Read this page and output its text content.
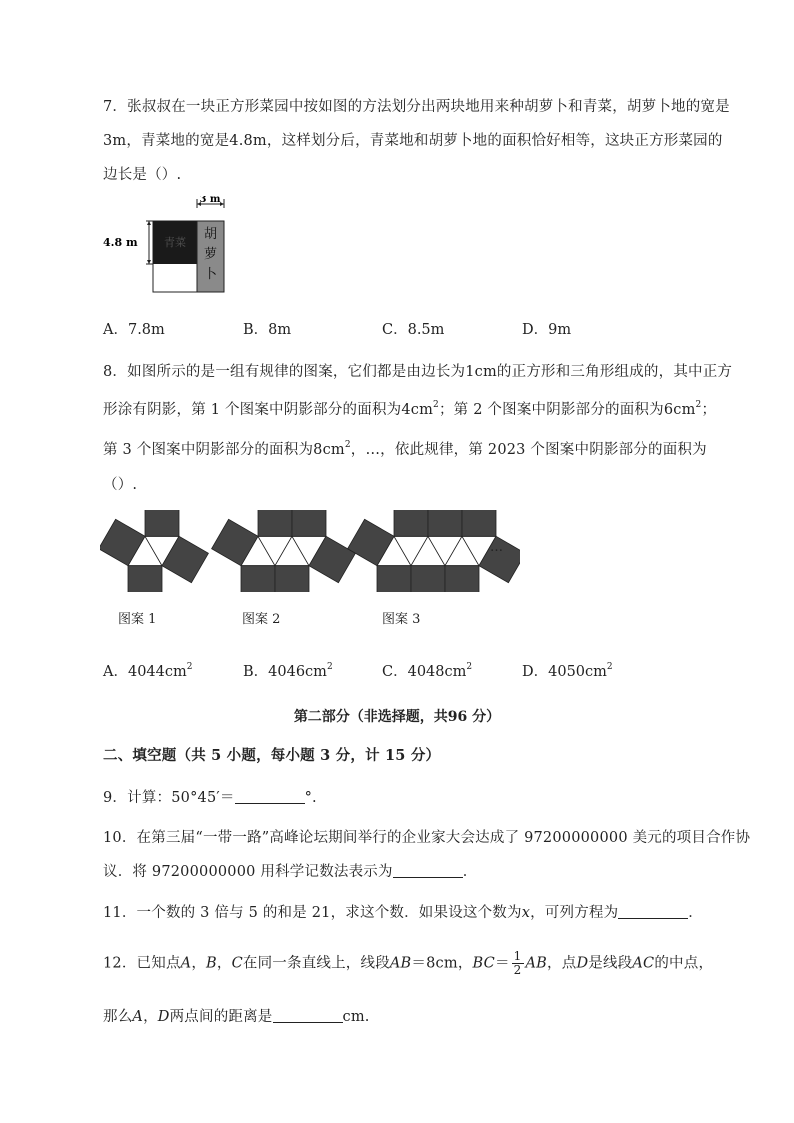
7．张叔叔在一块正方形菜园中按如图的方法划分出两块地用来种胡萝卜和青菜，胡萝卜地的宽是
3m，青菜地的宽是4.8m，这样划分后，青菜地和胡萝卜地的面积恰好相等，这块正方形菜园的
边长是（）.
3 m
4.8 m 青菜
胡
萝
卜
A．7.8m	B．8m	C．8.5m	D．9m
8．如图所示的是一组有规律的图案，它们都是由边长为1cm的正方形和三角形组成的，其中正方
形涂有阴影，第 1 个图案中阴影部分的面积为$4cm^2$；第 2 个图案中阴影部分的面积为$6cm^2$；
第 3 个图案中阴影部分的面积为$8cm^2$，…，依此规律，第 2023 个图案中阴影部分的面积为
（）.
…
图案 1	图案 2	图案 3
A．$4044cm^2$	B．$4046cm^2$	C．$4048cm^2$	D．$4050cm^2$
第二部分（非选择题，共96 分）
二、填空题（共 5 小题，每小题 3 分，计 15 分）
9．计算：50°45′＝	°.
10．在第三届“一带一路”高峰论坛期间举行的企业家大会达成了 97200000000 美元的项目合作协
议．将 97200000000 用科学记数法表示为	．
11．一个数的 3 倍与 5 的和是 21，求这个数．如果设这个数为x，可列方程为	．
12．已知点A，B，C在同一条直线上，线段AB＝8cm，$BC= \frac{1}{2}$ AB，点D是线段AC的中点，
那么A，D两点间的距离是	cm.
